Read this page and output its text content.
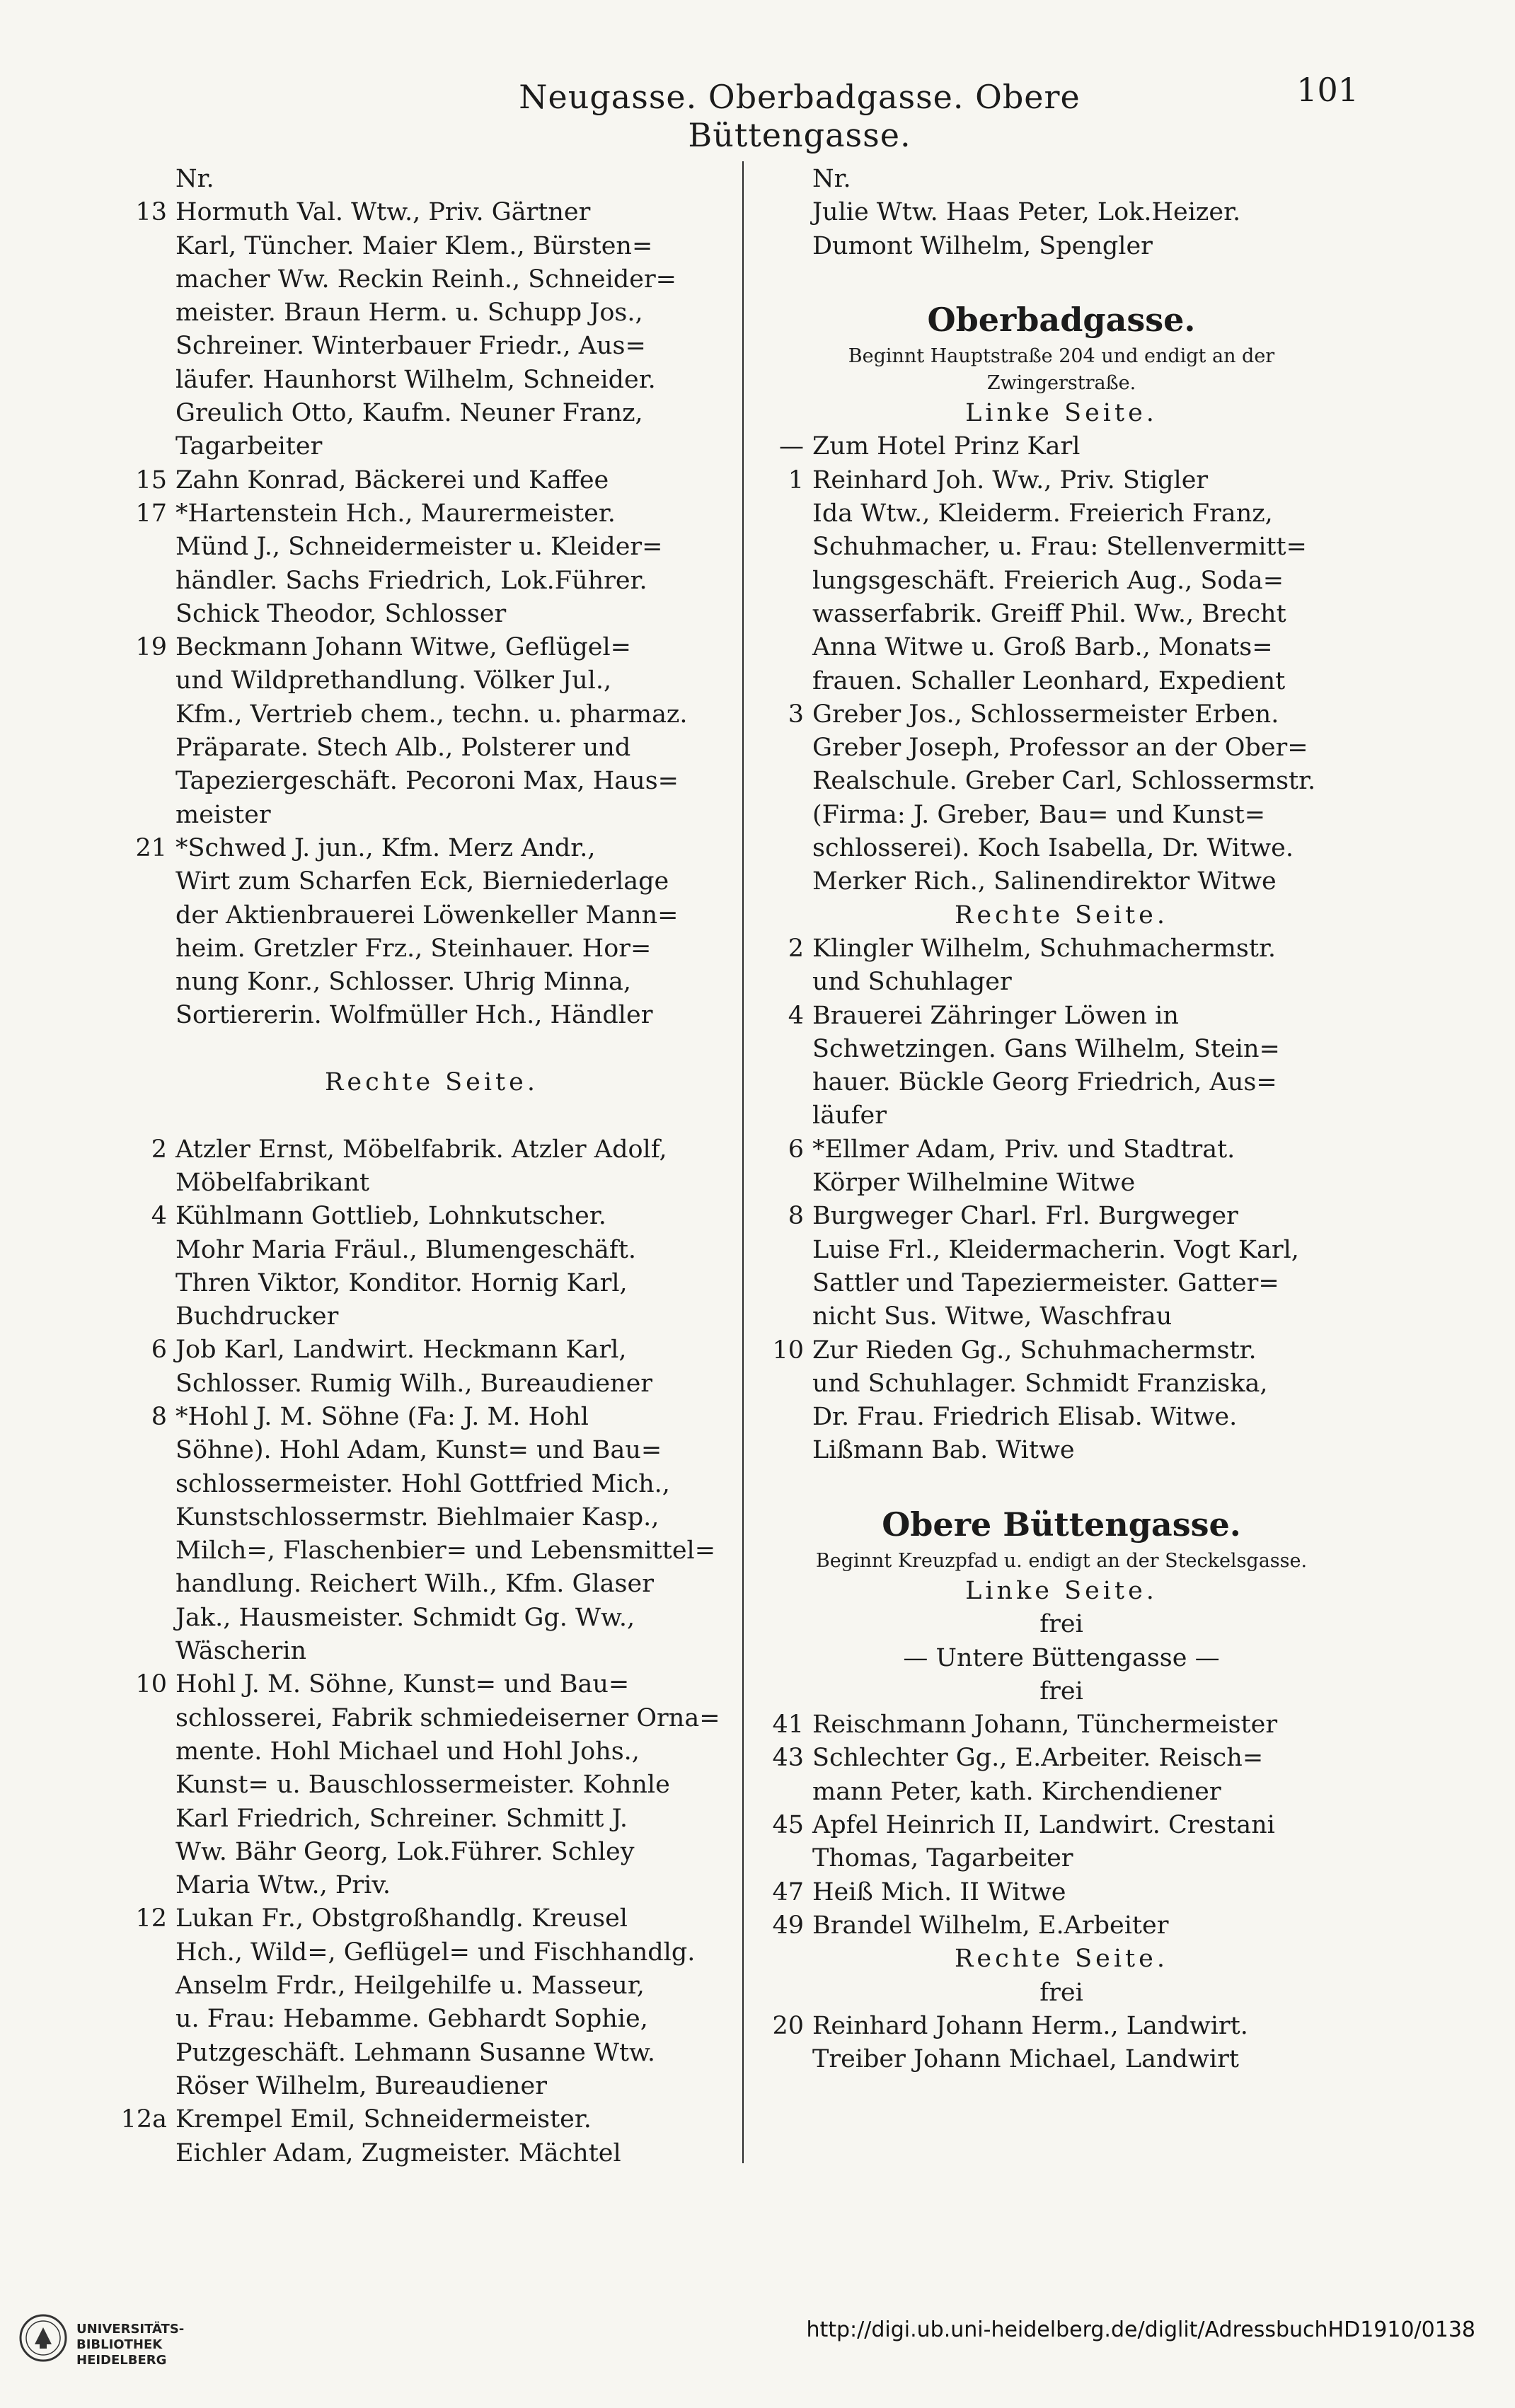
Neugasse. Oberbadgasse. Obere Büttengasse.
101
Nr.
13 Hormuth Val. Wtw., Priv. Gärtner
Karl, Tüncher. Maier Klem., Bürsten=
macher Ww. Reckin Reinh., Schneider=
meister. Braun Herm. u. Schupp Jos.,
Schreiner. Winterbauer Friedr., Aus=
läufer. Haunhorst Wilhelm, Schneider.
Greulich Otto, Kaufm. Neuner Franz,
Tagarbeiter
15 Zahn Konrad, Bäckerei und Kaffee
17 *Hartenstein Hch., Maurermeister.
Münd J., Schneidermeister u. Kleider=
händler. Sachs Friedrich, Lok.Führer.
Schick Theodor, Schlosser
19 Beckmann Johann Witwe, Geflügel=
und Wildprethandlung. Völker Jul.,
Kfm., Vertrieb chem., techn. u. pharmaz.
Präparate. Stech Alb., Polsterer und
Tapeziergeschäft. Pecoroni Max, Haus=
meister
21 *Schwed J. jun., Kfm. Merz Andr.,
Wirt zum Scharfen Eck, Bierniederlage
der Aktienbrauerei Löwenkeller Mann=
heim. Gretzler Frz., Steinhauer. Hor=
nung Konr., Schlosser. Uhrig Minna,
Sortiererin. Wolfmüller Hch., Händler
Rechte Seite.
2 Atzler Ernst, Möbelfabrik. Atzler Adolf,
Möbelfabrikant
4 Kühlmann Gottlieb, Lohnkutscher.
Mohr Maria Fräul., Blumengeschäft.
Thren Viktor, Konditor. Hornig Karl,
Buchdrucker
6 Job Karl, Landwirt. Heckmann Karl,
Schlosser. Rumig Wilh., Bureaudiener
8 *Hohl J. M. Söhne (Fa: J. M. Hohl
Söhne). Hohl Adam, Kunst= und Bau=
schlossermeister. Hohl Gottfried Mich.,
Kunstschlossermstr. Biehlmaier Kasp.,
Milch=, Flaschenbier= und Lebensmittel=
handlung. Reichert Wilh., Kfm. Glaser
Jak., Hausmeister. Schmidt Gg. Ww.,
Wäscherin
10 Hohl J. M. Söhne, Kunst= und Bau=
schlosserei, Fabrik schmiedeiserner Orna=
mente. Hohl Michael und Hohl Johs.,
Kunst= u. Bauschlossermeister. Kohnle
Karl Friedrich, Schreiner. Schmitt J.
Ww. Bähr Georg, Lok.Führer. Schley
Maria Wtw., Priv.
12 Lukan Fr., Obstgroßhandlg. Kreusel
Hch., Wild=, Geflügel= und Fischhandlg.
Anselm Frdr., Heilgehilfe u. Masseur,
u. Frau: Hebamme. Gebhardt Sophie,
Putzgeschäft. Lehmann Susanne Wtw.
Röser Wilhelm, Bureaudiener
12a Krempel Emil, Schneidermeister.
Eichler Adam, Zugmeister. Mächtel
Nr.
Julie Wtw. Haas Peter, Lok.Heizer.
Dumont Wilhelm, Spengler
Oberbadgasse.
Beginnt Hauptstraße 204 und endigt an der
Zwingerstraße.
Linke Seite.
— Zum Hotel Prinz Karl
1 Reinhard Joh. Ww., Priv. Stigler
Ida Wtw., Kleiderm. Freierich Franz,
Schuhmacher, u. Frau: Stellenvermitt=
lungsgeschäft. Freierich Aug., Soda=
wasserfabrik. Greiff Phil. Ww., Brecht
Anna Witwe u. Groß Barb., Monats=
frauen. Schaller Leonhard, Expedient
3 Greber Jos., Schlossermeister Erben.
Greber Joseph, Professor an der Ober=
Realschule. Greber Carl, Schlossermstr.
(Firma: J. Greber, Bau= und Kunst=
schlosserei). Koch Isabella, Dr. Witwe.
Merker Rich., Salinendirektor Witwe
Rechte Seite.
2 Klingler Wilhelm, Schuhmachermstr.
und Schuhlager
4 Brauerei Zähringer Löwen in
Schwetzingen. Gans Wilhelm, Stein=
hauer. Bückle Georg Friedrich, Aus=
läufer
6 *Ellmer Adam, Priv. und Stadtrat.
Körper Wilhelmine Witwe
8 Burgweger Charl. Frl. Burgweger
Luise Frl., Kleidermacherin. Vogt Karl,
Sattler und Tapeziermeister. Gatter=
nicht Sus. Witwe, Waschfrau
10 Zur Rieden Gg., Schuhmachermstr.
und Schuhlager. Schmidt Franziska,
Dr. Frau. Friedrich Elisab. Witwe.
Lißmann Bab. Witwe
Obere Büttengasse.
Beginnt Kreuzpfad u. endigt an der Steckelsgasse.
Linke Seite.
frei
— Untere Büttengasse —
frei
41 Reischmann Johann, Tünchermeister
43 Schlechter Gg., E.Arbeiter. Reisch=
mann Peter, kath. Kirchendiener
45 Apfel Heinrich II, Landwirt. Crestani
Thomas, Tagarbeiter
47 Heiß Mich. II Witwe
49 Brandel Wilhelm, E.Arbeiter
Rechte Seite.
frei
20 Reinhard Johann Herm., Landwirt.
Treiber Johann Michael, Landwirt
UNIVERSITÄTS-
BIBLIOTHEK
HEIDELBERG
http://digi.ub.uni-heidelberg.de/diglit/AdressbuchHD1910/0138
